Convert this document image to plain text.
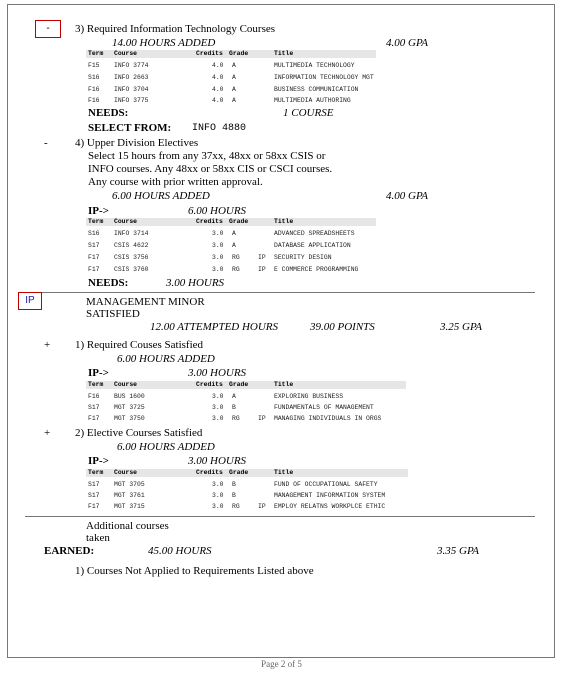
-	3) Required Information Technology Courses
14.00 HOURS ADDED	4.00 GPA
Term Course	Credits Grade	Title
F15 INFO 3774	4.0 A	MULTIMEDIA TECHNOLOGY
S16 INFO 2663	4.0 A	INFORMATION TECHNOLOGY MGT
F16 INFO 3704	4.0 A	BUSINESS COMMUNICATION
F16 INFO 3775	4.0 A	MULTIMEDIA AUTHORING
NEEDS:	1 COURSE
SELECT FROM: INFO 4880
- 4) Upper Division Electives
Select 15 hours from any 37xx, 48xx or 58xx CSIS or
INFO courses. Any 48xx or 58xx CIS or CSCI courses.
Any course with prior written approval.
6.00 HOURS ADDED	4.00 GPA
IP->	6.00 HOURS
Term Course	Credits Grade	Title
S16 INFO 3714	3.0 A	ADVANCED SPREADSHEETS
S17 CSIS 4622	3.0 A	DATABASE APPLICATION
F17 CSIS 3756	3.0 RG	IP SECURITY DESIGN
F17 CSIS 3760	3.0 RG	IP E COMMERCE PROGRAMMING
NEEDS:	3.00 HOURS
IP	MANAGEMENT MINOR
SATISFIED
12.00 ATTEMPTED HOURS	39.00 POINTS	3.25 GPA
+ 1) Required Couses Satisfied
6.00 HOURS ADDED
IP->	3.00 HOURS
Term Course	Credits Grade	Title
F16 BUS 1600	3.0 A	EXPLORING BUSINESS
S17 MGT 3725	3.0 B	FUNDAMENTALS OF MANAGEMENT
F17 MGT 3750	3.0 RG	IP MANAGING INDIVIDUALS IN ORGS
+ 2) Elective Courses Satisfied
6.00 HOURS ADDED
IP->	3.00 HOURS
Term Course	Credits Grade	Title
S17 MGT 3705	3.0 B	FUND OF OCCUPATIONAL SAFETY
S17 MGT 3761	3.0 B	MANAGEMENT INFORMATION SYSTEM
F17 MGT 3715	3.0 RG	IP EMPLOY RELATNS WORKPLCE ETHIC
Additional courses
taken
EARNED:	45.00 HOURS	3.35 GPA
1) Courses Not Applied to Requirements Listed above
Page 2 of 5
